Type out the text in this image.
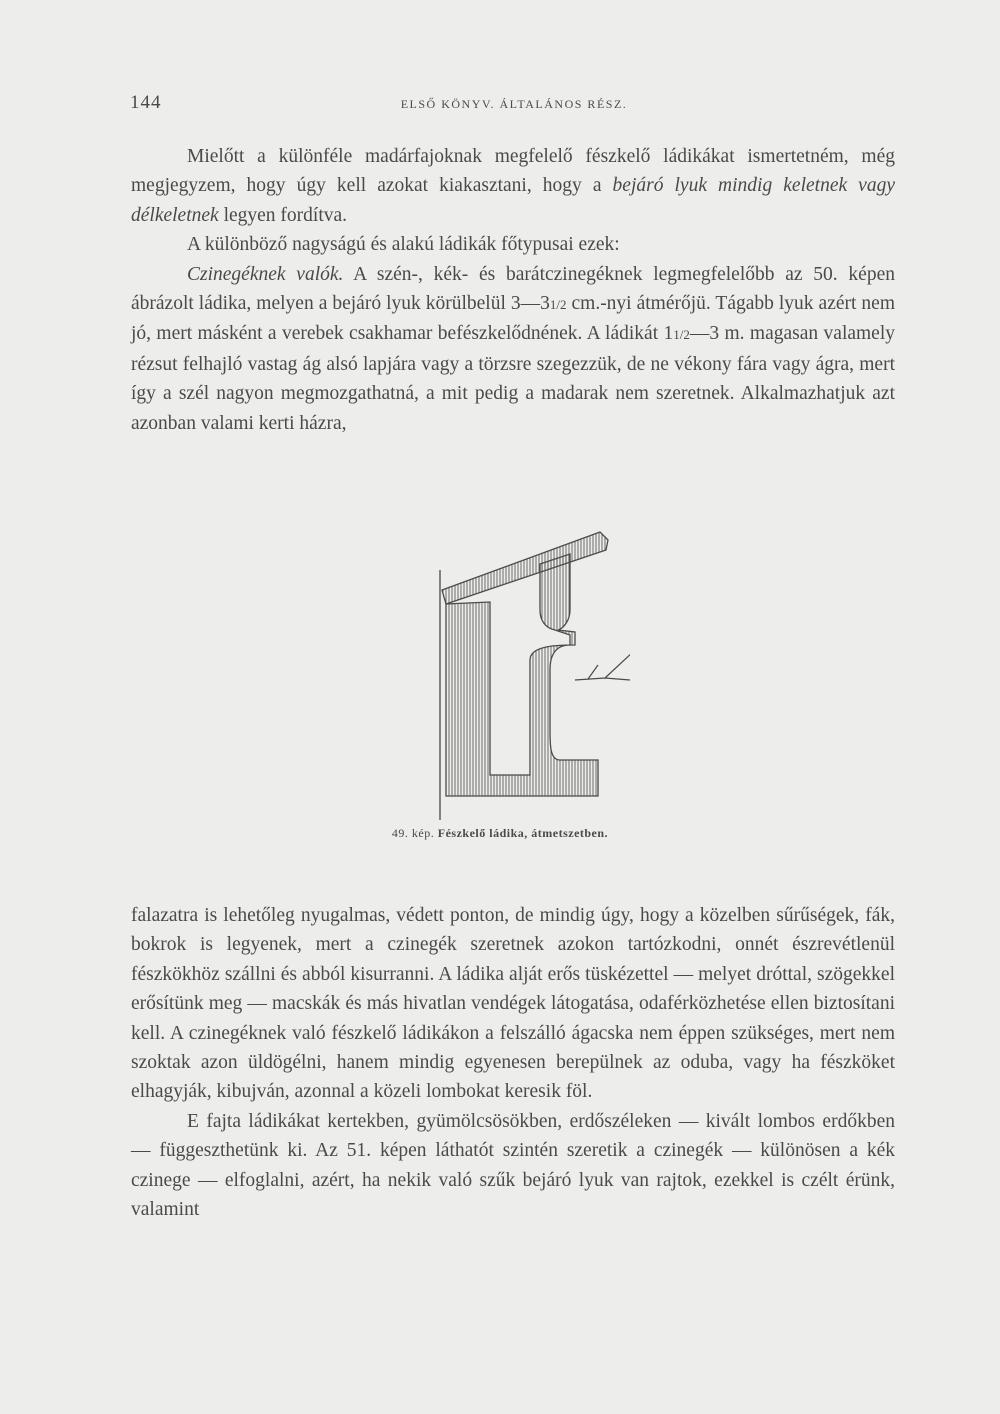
144	ELSŐ KÖNYV. ÁLTALÁNOS RÉSZ.

Mielőtt a különféle madárfajoknak megfelelő fészkelő ládikákat ismertetném, még megjegyzem, hogy úgy kell azokat kiakasztani, hogy a bejáró lyuk mindig keletnek vagy délkeletnek legyen fordítva.

A különböző nagyságú és alakú ládikák főtypusai ezek:

Czinegéknek valók. A szén-, kék- és barátczinegéknek legmegfelelőbb az 50. képen ábrázolt ládika, melyen a bejáró lyuk körülbelül 3—31/2 cm.-nyi átmérőjü. Tágabb lyuk azért nem jó, mert másként a verebek csakhamar befészkelődnének. A ládikát 11/2—3 m. magasan valamely rézsut felhajló vastag ág alsó lapjára vagy a törzsre szegezzük, de ne vékony fára vagy ágra, mert így a szél nagyon megmozgathatná, a mit pedig a madarak nem szeretnek. Alkalmazhatjuk azt azonban valami kerti házra,

49. kép. Fészkelő ládika, átmetszetben.

falazatra is lehetőleg nyugalmas, védett ponton, de mindig úgy, hogy a közelben sűrűségek, fák, bokrok is legyenek, mert a czinegék szeretnek azokon tartózkodni, onnét észrevétlenül fészkökhöz szállni és abból kisurranni. A ládika alját erős tüskézettel — melyet dróttal, szögekkel erősítünk meg — macskák és más hivatlan vendégek látogatása, odaférközhetése ellen biztosítani kell. A czinegéknek való fészkelő ládikákon a felszálló ágacska nem éppen szükséges, mert nem szoktak azon üldögélni, hanem mindig egyenesen berepülnek az oduba, vagy ha fészköket elhagyják, kibujván, azonnal a közeli lombokat keresik föl.

E fajta ládikákat kertekben, gyümölcsösökben, erdőszéleken — kivált lombos erdőkben — függeszthetünk ki. Az 51. képen láthatót szintén szeretik a czinegék — különösen a kék czinege — elfoglalni, azért, ha nekik való szűk bejáró lyuk van rajtok, ezekkel is czélt érünk, valamint
